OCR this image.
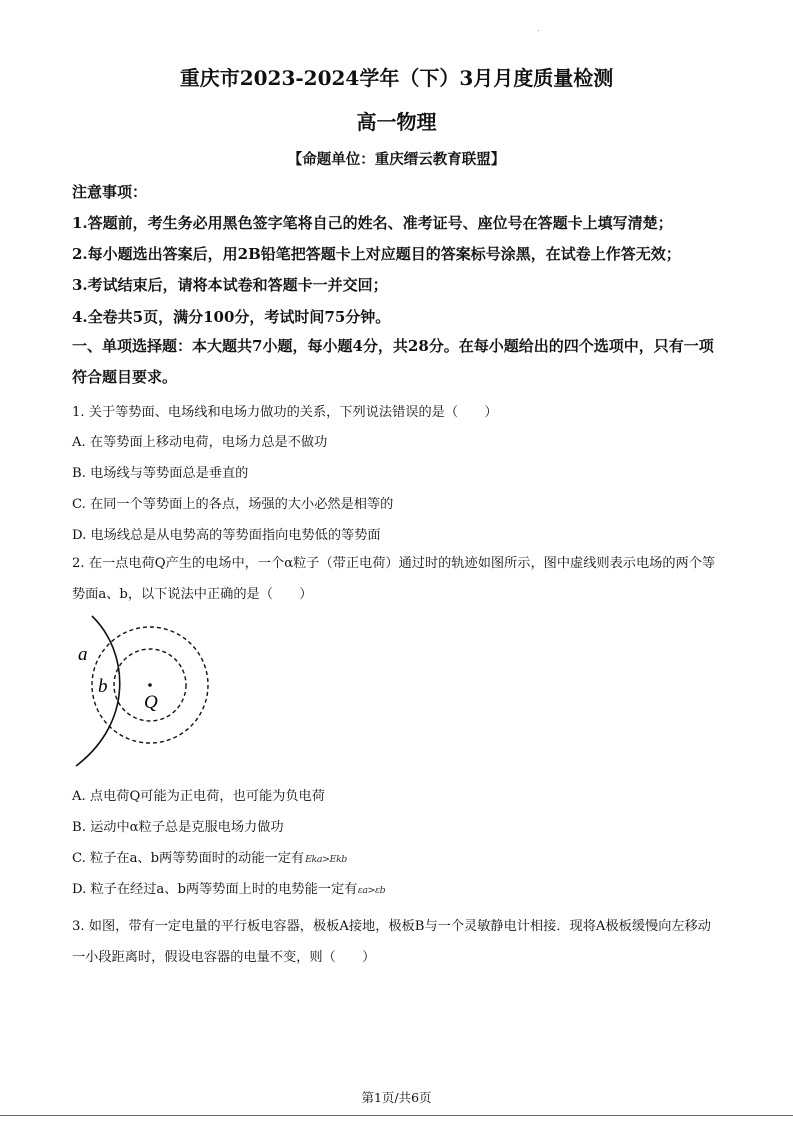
重庆市2023-2024学年（下）3月月度质量检测
高一物理
【命题单位：重庆缙云教育联盟】
注意事项：
1.答题前，考生务必用黑色签字笔将自己的姓名、准考证号、座位号在答题卡上填写清楚；
2.每小题选出答案后，用2B铅笔把答题卡上对应题目的答案标号涂黑，在试卷上作答无效；
3.考试结束后，请将本试卷和答题卡一并交回；
4.全卷共5页，满分100分，考试时间75分钟。
一、单项选择题：本大题共7小题，每小题4分，共28分。在每小题给出的四个选项中，只有一项符合题目要求。
1. 关于等势面、电场线和电场力做功的关系，下列说法错误的是（　　）
A. 在等势面上移动电荷，电场力总是不做功
B. 电场线与等势面总是垂直的
C. 在同一个等势面上的各点，场强的大小必然是相等的
D. 电场线总是从电势高的等势面指向电势低的等势面
2. 在一点电荷Q产生的电场中，一个α粒子（带正电荷）通过时的轨迹如图所示，图中虚线则表示电场的两个等势面a、b，以下说法中正确的是（　　）
a
b
Q
A. 点电荷Q可能为正电荷，也可能为负电荷
B. 运动中α粒子总是克服电场力做功
C. 粒子在a、b两等势面时的动能一定有Eka>Ekb
D. 粒子在经过a、b两等势面上时的电势能一定有εa>εb
3. 如图，带有一定电量的平行板电容器，极板A接地，极板B与一个灵敏静电计相接．现将A极板缓慢向左移动一小段距离时，假设电容器的电量不变，则（　　）
第1页/共6页
